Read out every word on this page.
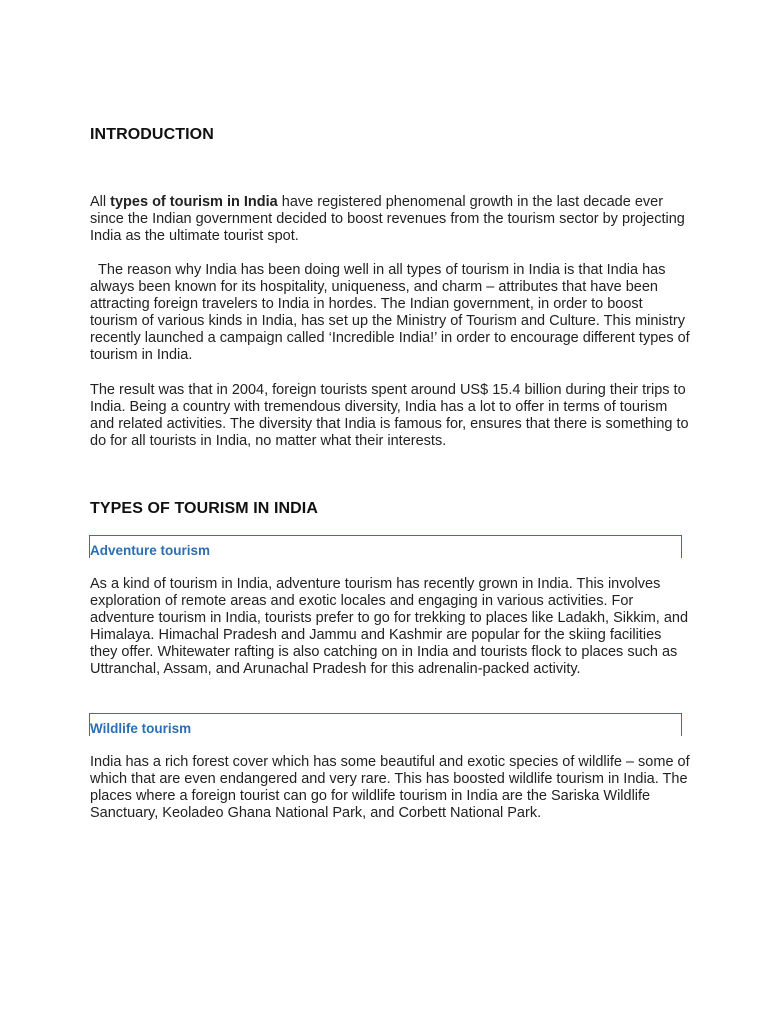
INTRODUCTION

All types of tourism in India have registered phenomenal growth in the last decade ever since the Indian government decided to boost revenues from the tourism sector by projecting India as the ultimate tourist spot.

The reason why India has been doing well in all types of tourism in India is that India has always been known for its hospitality, uniqueness, and charm – attributes that have been attracting foreign travelers to India in hordes. The Indian government, in order to boost tourism of various kinds in India, has set up the Ministry of Tourism and Culture. This ministry recently launched a campaign called ‘Incredible India!’ in order to encourage different types of tourism in India.

The result was that in 2004, foreign tourists spent around US$ 15.4 billion during their trips to India. Being a country with tremendous diversity, India has a lot to offer in terms of tourism and related activities. The diversity that India is famous for, ensures that there is something to do for all tourists in India, no matter what their interests.

TYPES OF TOURISM IN INDIA
Adventure tourism

As a kind of tourism in India, adventure tourism has recently grown in India. This involves exploration of remote areas and exotic locales and engaging in various activities. For adventure tourism in India, tourists prefer to go for trekking to places like Ladakh, Sikkim, and Himalaya. Himachal Pradesh and Jammu and Kashmir are popular for the skiing facilities they offer. Whitewater rafting is also catching on in India and tourists flock to places such as Uttranchal, Assam, and Arunachal Pradesh for this adrenalin-packed activity.

Wildlife tourism

India has a rich forest cover which has some beautiful and exotic species of wildlife – some of which that are even endangered and very rare. This has boosted wildlife tourism in India. The places where a foreign tourist can go for wildlife tourism in India are the Sariska Wildlife Sanctuary, Keoladeo Ghana National Park, and Corbett National Park.
